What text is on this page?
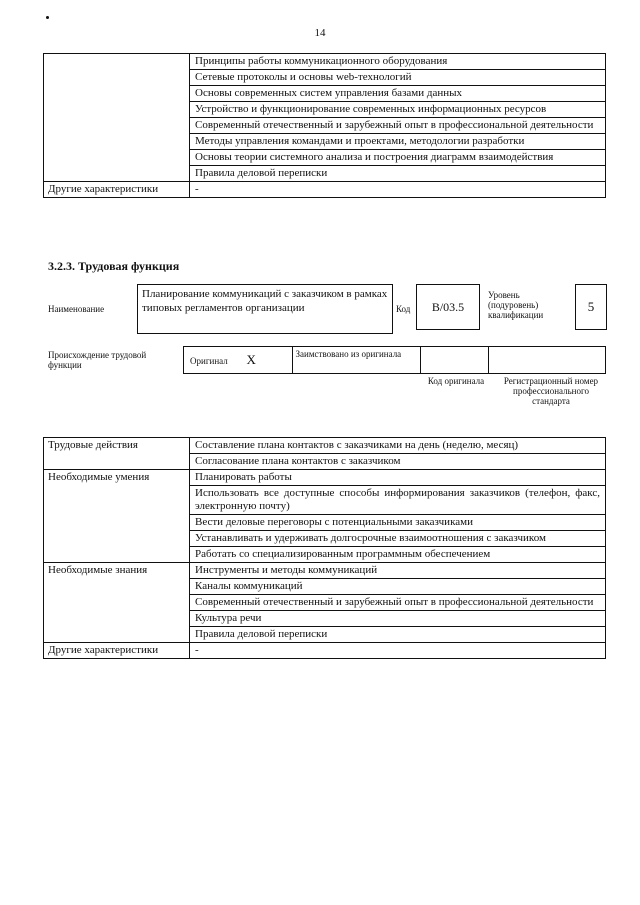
14
	Принципы работы коммуникационного оборудования
	Сетевые протоколы и основы web-технологий
	Основы современных систем управления базами данных
	Устройство и функционирование современных информационных ресурсов
	Современный отечественный и зарубежный опыт в профессиональной деятельности
	Методы управления командами и проектами, методологии разработки
	Основы теории системного анализа и построения диаграмм взаимодействия
	Правила деловой переписки
Другие характеристики	-
3.2.3. Трудовая функция
Наименование
Планирование коммуникаций с заказчиком в рамках типовых регламентов организации	Код	B/03.5
Уровень (подуровень) квалификации
5
Происхождение трудовой функции	Оригинал X	Заимствовано из оригинала		
Код оригинала	Регистрационный номер профессионального стандарта
Трудовые действия	Составление плана контактов с заказчиками на день (неделю, месяц)
	Согласование плана контактов с заказчиком
Необходимые умения	Планировать работы
	Использовать все доступные способы информирования заказчиков (телефон, факс, электронную почту)
	Вести деловые переговоры с потенциальными заказчиками
	Устанавливать и удерживать долгосрочные взаимоотношения с заказчиком
	Работать со специализированным программным обеспечением
Необходимые знания	Инструменты и методы коммуникаций
	Каналы коммуникаций
	Современный отечественный и зарубежный опыт в профессиональной деятельности
	Культура речи
	Правила деловой переписки
Другие характеристики	-
